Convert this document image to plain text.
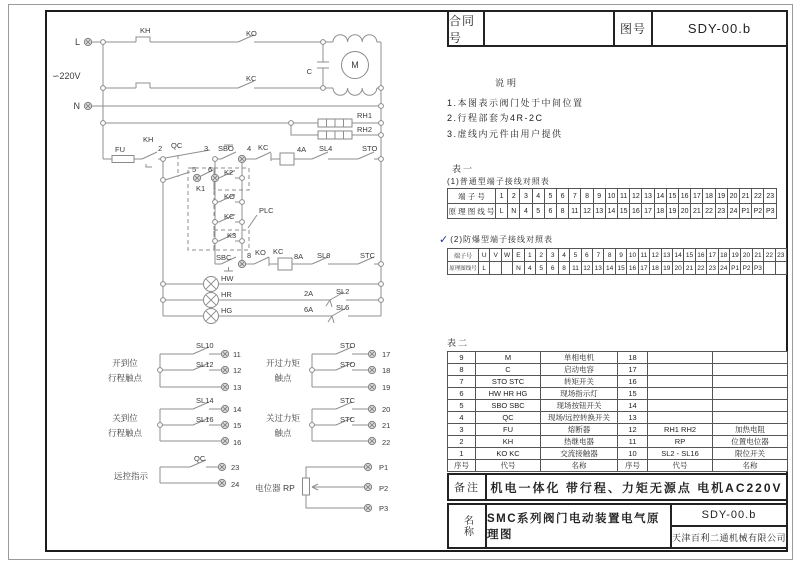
KH	KO
KC
C
M
RH1
RH2
L
N
∽220V
FU
KH
2 QC	3 SBO 4 KC	4A SL4	STO
5 6
K1
K2
KO
KC
K3
PLC
SBC 8 KO KC
8A SL8	STC
HW
HR
HG
2A	SL2
6A	SL6
SL10
11
SL12
12
13
开到位
行程触点
STO
17
STO
18
19
开过力矩
触点
SL14
14
SL16
15
16
关到位
行程触点
STC
20
STC
21
22
关过力矩
触点
QC
23
24
远控指示
电位器 RP
P1
P2
P3
合同号
图号	SDY-00.b
说明
1.本图表示阀门处于中间位置
2.行程部套为4R-2C
3.虚线内元件由用户提供
表一
(1)普通型端子接线对照表
端 子 号	1	2	3	4	5	6	7	8	9	10	11	12	13	14	15	16	17	18	19	20	21	22	23
原 理 图 线 号	L	N	4	5	6	8	11	12	13	14	15	16	17	18	19	20	21	22	23	24	P1	P2	P3
✓ (2)防爆型端子接线对照表
端子号	U	V	W	E	1	2	3	4	5	6	7	8	9	10	11	12	13	14	15	16	17	18	19	20	21	22	23
原理图线号	L			N	4	5	6	8	11	12	13	14	15	16	17	18	19	20	21	22	23	24	P1	P2	P3		
表二
9	M	单相电机	18		
8	C	启动电容	17		
7	STO STC	转矩开关	16		
6	HW HR HG	现场指示灯	15		
5	SBO SBC	现场按钮开关	14		
4	QC	现场/远控转换开关	13		
3	FU	熔断器	12	RH1 RH2	加热电阻
2	KH	热继电器	11	RP	位置电位器
1	KO KC	交流接触器	10	SL2 - SL16	限位开关
序号	代号	名称	序号	代号	名称
备注 机电一体化 带行程、力矩无源点 电机AC220V
名称	SMC系列阀门电动装置电气原理图
SDY-00.b
天津百利二通机械有限公司
